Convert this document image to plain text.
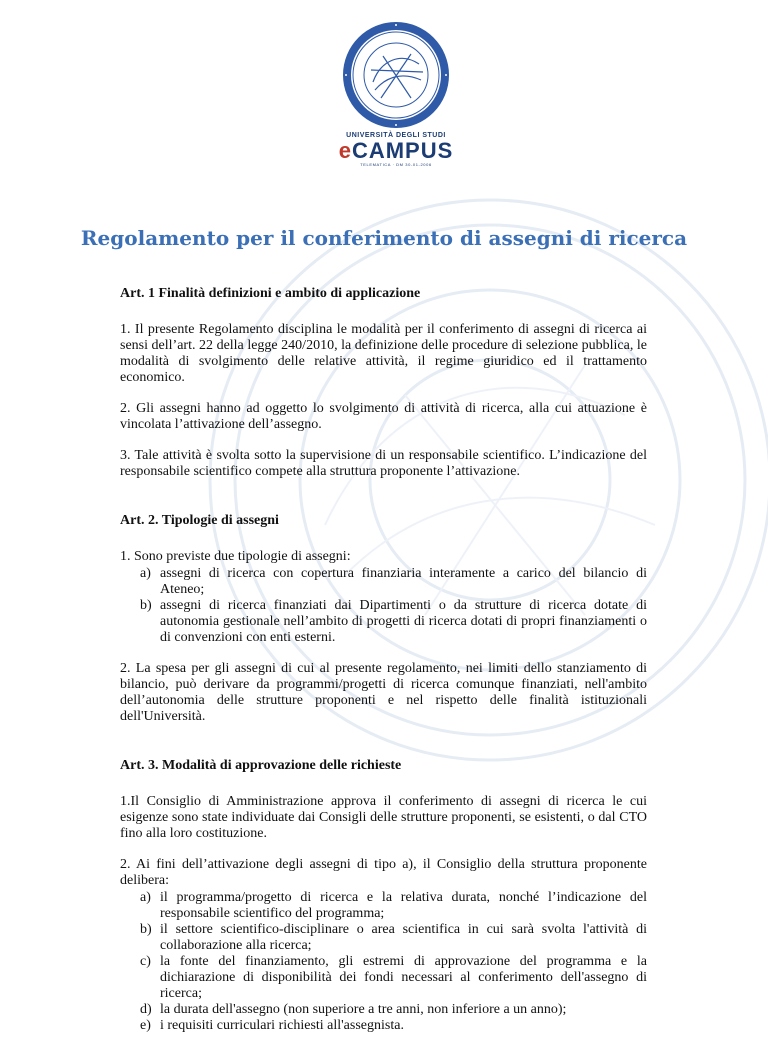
UNIVERSITÀ DEGLI STUDI
eCAMPUS
TELEMATICA · DM 30-01-2006
Regolamento per il conferimento di assegni di ricerca

Art. 1 Finalità definizioni e ambito di applicazione

1. Il presente Regolamento disciplina le modalità per il conferimento di assegni di ricerca ai sensi dell’art. 22 della legge 240/2010, la definizione delle procedure di selezione pubblica, le modalità di svolgimento delle relative attività, il regime giuridico ed il trattamento economico.

2. Gli assegni hanno ad oggetto lo svolgimento di attività di ricerca, alla cui attuazione è vincolata l’attivazione dell’assegno.

3. Tale attività è svolta sotto la supervisione di un responsabile scientifico. L’indicazione del responsabile scientifico compete alla struttura proponente l’attivazione.

Art. 2. Tipologie di assegni

1. Sono previste due tipologie di assegni:

a) assegni di ricerca con copertura finanziaria interamente a carico del bilancio di Ateneo;
b) assegni di ricerca finanziati dai Dipartimenti o da strutture di ricerca dotate di autonomia gestionale nell’ambito di progetti di ricerca dotati di propri finanziamenti o di convenzioni con enti esterni.

2. La spesa per gli assegni di cui al presente regolamento, nei limiti dello stanziamento di bilancio, può derivare da programmi/progetti di ricerca comunque finanziati, nell'ambito dell’autonomia delle strutture proponenti e nel rispetto delle finalità istituzionali dell'Università.

Art. 3. Modalità di approvazione delle richieste

1.Il Consiglio di Amministrazione approva il conferimento di assegni di ricerca le cui esigenze sono state individuate dai Consigli delle strutture proponenti, se esistenti, o dal CTO fino alla loro costituzione.

2. Ai fini dell’attivazione degli assegni di tipo a), il Consiglio della struttura proponente delibera:

a) il programma/progetto di ricerca e la relativa durata, nonché l’indicazione del responsabile scientifico del programma;
b) il settore scientifico-disciplinare o area scientifica in cui sarà svolta l'attività di collaborazione alla ricerca;
c) la fonte del finanziamento, gli estremi di approvazione del programma e la dichiarazione di disponibilità dei fondi necessari al conferimento dell'assegno di ricerca;
d) la durata dell'assegno (non superiore a tre anni, non inferiore a un anno);
e) i requisiti curriculari richiesti all'assegnista.
